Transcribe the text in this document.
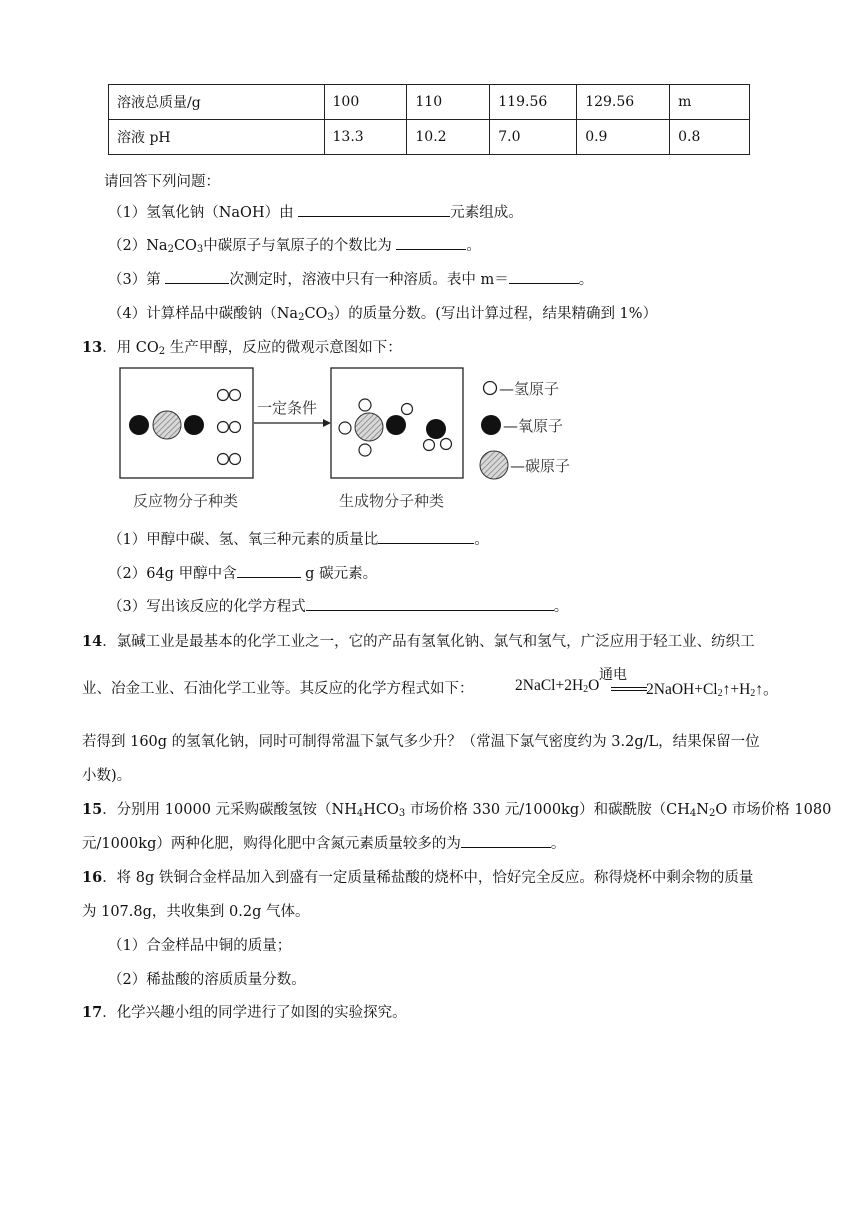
溶液总质量/g	100	110	119.56	129.56	m
溶液 pH	13.3	10.2	7.0	0.9	0.8
请回答下列问题：
（1）氢氧化钠（NaOH）由	元素组成。
$(2)Na_2CO_3$中碳原子与氧原子的个数比为	。
（3）第	次测定时，溶液中只有一种溶质。表中 m＝	。
（4）计算样品中碳酸钠$(Na_2CO_3)$的质量分数。(写出计算过程，结果精确到 1%）
13．用 $CO_2$ 生产甲醇，反应的微观示意图如下：
一定条件
反应物分子种类	生成物分子种类
—氢原子
—氧原子
—碳原子
（1）甲醇中碳、氢、氧三种元素的质量比	。
（2）64g 甲醇中含	g 碳元素。
（3）写出该反应的化学方程式	。
14．氯碱工业是最基本的化学工业之一，它的产品有氢氧化钠、氯气和氢气，广泛应用于轻工业、纺织工
业、冶金工业、石油化学工业等。其反应的化学方程式如下：
通电
$2NaCl+2H_2O$	$2NaOH+Cl_2↑+H_2↑$。
若得到 160g 的氢氧化钠，同时可制得常温下氯气多少升？（常温下氯气密度约为 3.2g/L，结果保留一位
小数)。
15．分别用 10000 元采购碳酸氢铵（$NH_4HCO_3$ 市场价格 330 元/1000kg）和碳酰胺（$CH_4N_2O$ 市场价格 1080
元/1000kg）两种化肥，购得化肥中含氮元素质量较多的为	。
16．将 8g 铁铜合金样品加入到盛有一定质量稀盐酸的烧杯中，恰好完全反应。称得烧杯中剩余物的质量
为 107.8g，共收集到 0.2g 气体。
（1）合金样品中铜的质量；
（2）稀盐酸的溶质质量分数。
17．化学兴趣小组的同学进行了如图的实验探究。
